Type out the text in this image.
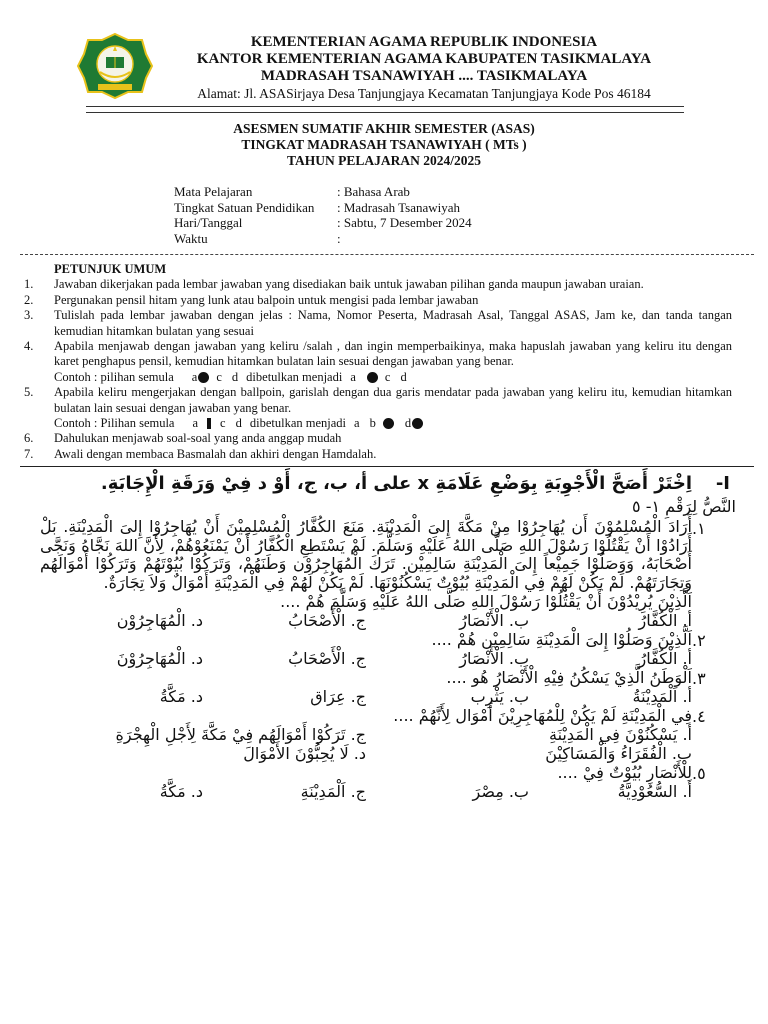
KEMENTERIAN AGAMA REPUBLIK INDONESIA
KANTOR KEMENTERIAN AGAMA KABUPATEN TASIKMALAYA
MADRASAH TSANAWIYAH .... TASIKMALAYA
Alamat: Jl. ASASirjaya Desa Tanjungjaya Kecamatan Tanjungjaya Kode Pos 46184
ASESMEN SUMATIF AKHIR SEMESTER (ASAS)
TINGKAT MADRASAH TSANAWIYAH ( MTs )
TAHUN PELAJARAN 2024/2025
Mata Pelajaran	: Bahasa Arab
Tingkat Satuan Pendidikan	: Madrasah Tsanawiyah
Hari/Tanggal	: Sabtu, 7 Desember 2024
Waktu	:
PETUNJUK UMUM
1.	Jawaban dikerjakan pada lembar jawaban yang disediakan baik untuk jawaban pilihan ganda maupun jawaban uraian.
2.	Pergunakan pensil hitam yang lunk atau balpoin untuk mengisi pada lembar jawaban
3.	Tulislah pada lembar jawaban dengan jelas : Nama, Nomor Peserta, Madrasah Asal, Tanggal ASAS, Jam ke, dan tanda tangan kemudian hitamkan bulatan yang sesuai
4.	Apabila menjawab dengan jawaban yang keliru /salah , dan ingin memperbaikinya, maka hapuslah jawaban yang keliru itu dengan karet penghapus pensil, kemudian hitamkan bulatan lain sesuai dengan jawaban yang benar.
Contoh : pilihan semula a c d dibetulkan menjadi a c d
5.	Apabila keliru mengerjakan dengan ballpoin, garislah dengan dua garis mendatar pada jawaban yang keliru itu, kemudian hitamkan bulatan lain sesuai dengan jawaban yang benar.
Contoh : Pilihan semula a c d dibetulkan menjadi a b d
6.	Dahulukan menjawab soal-soal yang anda anggap mudah
7.	Awali dengan membaca Basmalah dan akhiri dengan Hamdalah.
I-
اِخْتَرْ أَصَحَّ الْأَجْوِبَةِ بِوَضْعِ عَلَامَةِ x على أ، ب، ج، أَوْ د فِيْ وَرَقَةِ الْإِجَابَةِ.
النَّصُّ لِرَقْمِ ١- ٥
١.
أَرَادَ الْمُسْلِمُوْنَ أَن يُهَاجِرُوْا مِنْ مَكَّةَ إِلىَ الْمَدِيْنَةِ. مَنَعَ الكُفَّارُ الْمُسْلِمِيْنَ أَنْ يُهَاجِرُوْا إِلىَ الْمَدِيْنَةِ. بَلْ أَرَادُوْا أَنْ يَقْتُلُوْا رَسُوْلَ اللهِ صَلَّى اللهُ عَلَيْهِ وَسَلَّمَ. لَمْ يَسْتَطِعِ الْكُفَّارُ أَنْ يَمْنَعُوْهُمْ، لِأَنَّ اللهَ نَجَّاهُ وَنَجَّى أَصْحَابَهُ، وَوَصَلُوْا جَمِيْعاً إِلىَ الْمَدِيْنَةِ سَالِمِيْن. تَرَكَ الْمُهَاجِرُوْن وَطَنَهُمْ، وَتَرَكُوْا بُيُوْتَهُمْ وَتَرَكُوْا أَمْوَالَهُم وَتِجَارَتَهُمْ. لَمْ يَكُنْ لَهُمْ فِي الْمَدِيْنَةِ بُيُوْتٌ يَسْكُنُوْنَهَا. لَمْ يَكُنْ لَهُمْ فِي الْمَدِيْنَةِ أَمْوَالٌ وَلاَ تِجَارَةٌ.
اَلَّذِيْنَ يُرِيْدُوْنَ أَنْ يَقْتُلُوْا رَسُوْلَ اللهِ صَلَّى اللهُ عَلَيْهِ وَسَلَّمَ هُمْ ....
أ. الْكُفَّارُ
ب. الْأَنْصَارُ
ج. الْأَصْحَابُ
د. الْمُهَاجِرُوْن
٢.
اَلَّذِيْنَ وَصَلُوْا إِلىَ الْمَدِيْنَةِ سَالِمِيْن هُمْ ....
أ. الْكُفَّارُ
ب. الْأَنْصَارُ
ج. الْأَصْحَابُ
د. الْمُهَاجِرُوْنَ
٣.
اَلْوَطَنُ الَّذِيْ يَسْكُنُ فِيْهِ الْأَنْصَارُ هُو ....
أ. اَلْمَدِيْنَةُ
ب. يَثْرِب
ج. عِرَاق
د. مَكَّةُ
٤.
فِي الْمَدِيْنَةِ لَمْ يَكُنْ لِلْمُهَاجِرِيْنَ أَمْوَال لِأَنَّهُمْ ....
أ. يَسْكُنُوْنَ فِي الْمَدِيْنَةِ
ج. تَرَكُوْا أَمْوَالَهُم فِيْ مَكَّةَ لِأَجْلِ الْهِجْرَةِ
ب. الْفُقَرَاءُ وَالْمَسَاكِيْنَ
د. لَا يُحِبُّوْنَ الأَمْوَالَ
٥.
لِلْأَنْصَارِ بُيُوْتٌ فِيْ ....
أ. السُّعُوْدِيَّةُ
ب. مِصْرَ
ج. اَلْمَدِيْنَةِ
د. مَكَّةُ
